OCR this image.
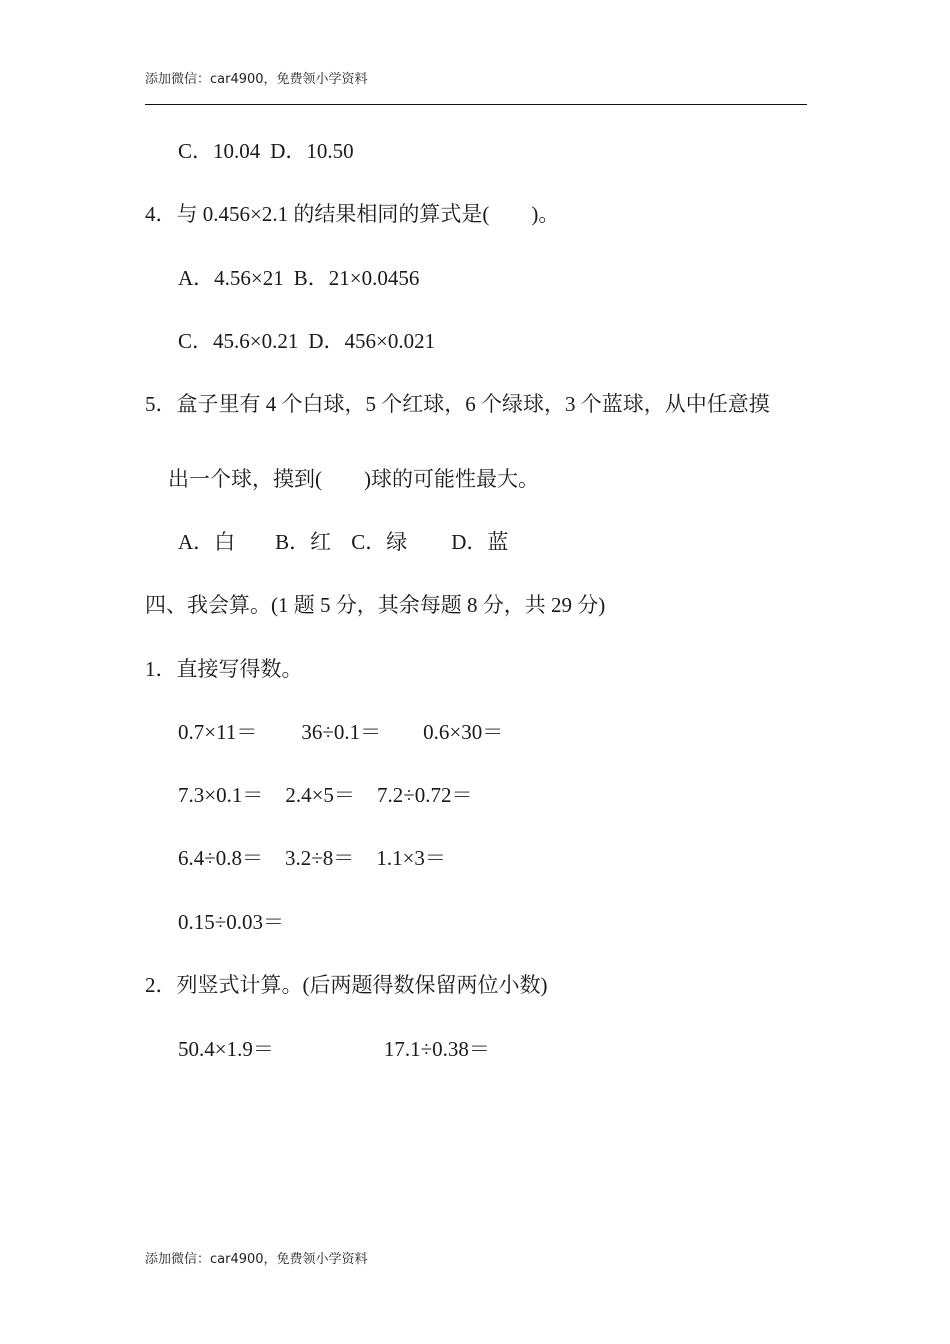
添加微信：car4900，免费领小学资料
C．10.04 D．10.50
4．与 0.456×2.1 的结果相同的算式是(　　)。
A．4.56×21 B．21×0.0456
C．45.6×0.21 D．456×0.021
5．盒子里有 4 个白球，5 个红球，6 个绿球，3 个蓝球，从中任意摸
出一个球，摸到(　　)球的可能性最大。
A．白 B．红 C．绿 D．蓝
四、我会算。(1 题 5 分，其余每题 8 分，共 29 分)
1．直接写得数。
0.7×11＝ 36÷0.1＝ 0.6×30＝
7.3×0.1＝ 2.4×5＝ 7.2÷0.72＝
6.4÷0.8＝ 3.2÷8＝ 1.1×3＝
0.15÷0.03＝
2．列竖式计算。(后两题得数保留两位小数)
50.4×1.9＝	17.1÷0.38＝
添加微信：car4900，免费领小学资料
